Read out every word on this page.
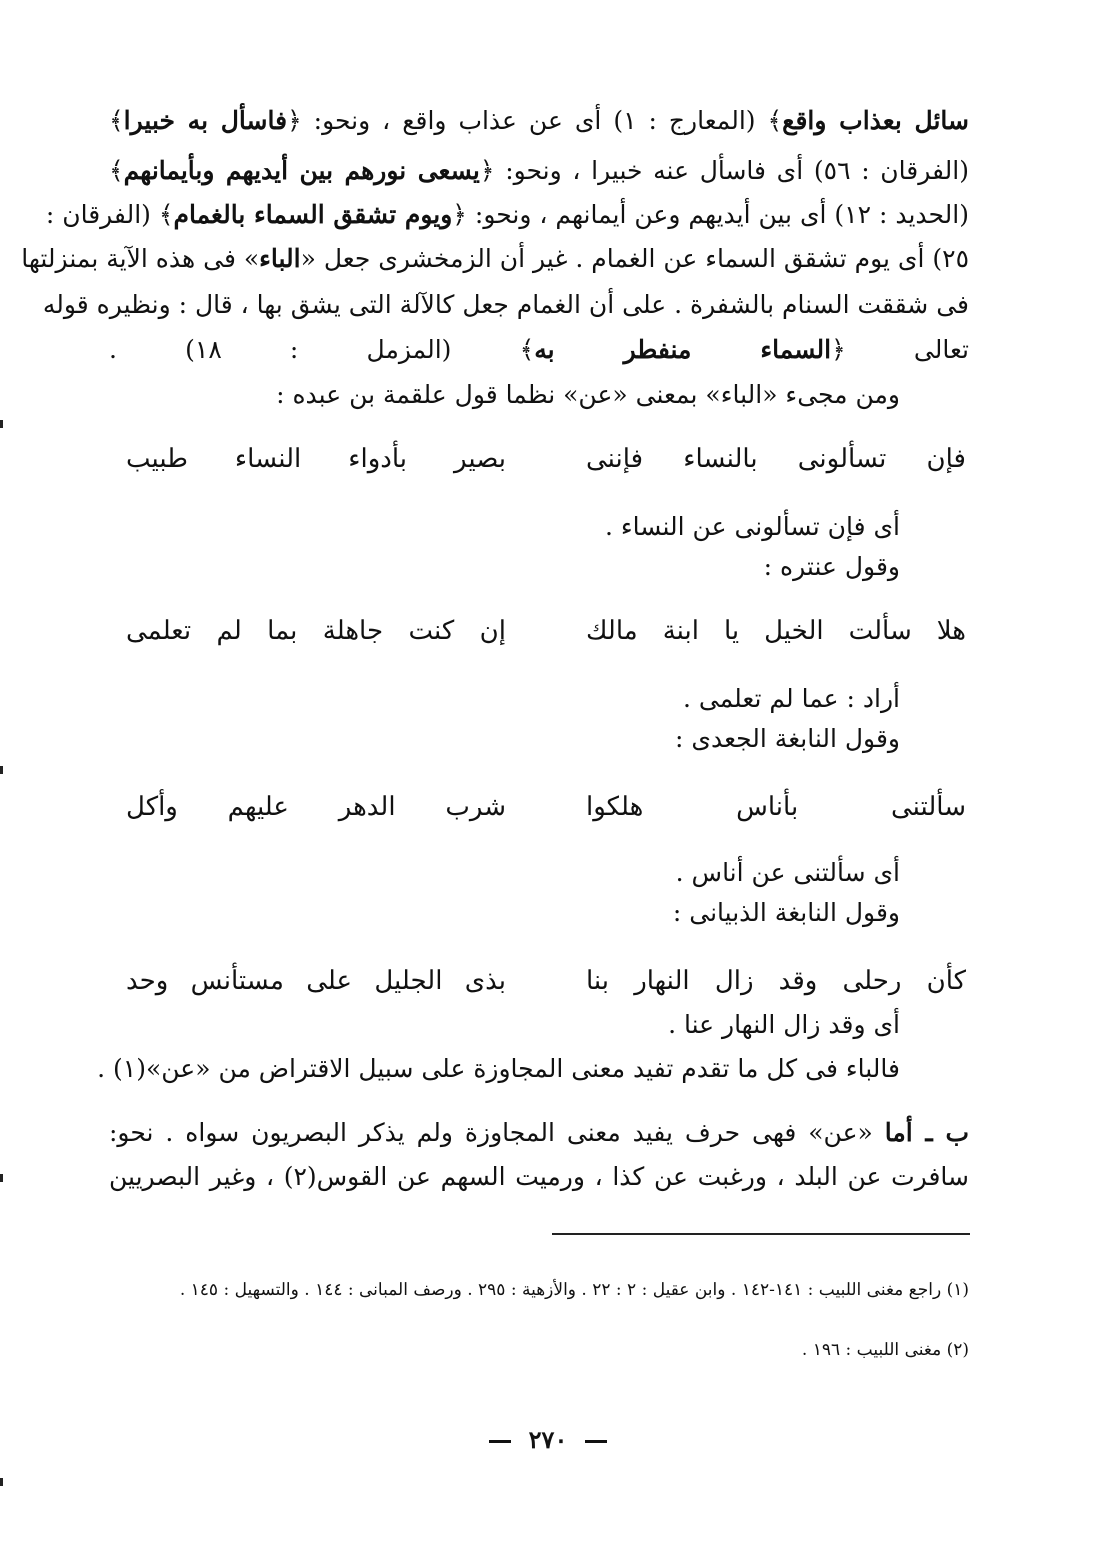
سائل بعذاب واقع﴾ (المعارج : ١) أى عن عذاب واقع ، ونحو: ﴿فاسأل به خبيرا﴾
(الفرقان : ٥٦) أى فاسأل عنه خبيرا ، ونحو: ﴿يسعى نورهم بين أيديهم وبأيمانهم﴾
(الحديد : ١٢) أى بين أيديهم وعن أيمانهم ، ونحو: ﴿ويوم تشقق السماء بالغمام﴾ (الفرقان :
٢٥) أى يوم تشقق السماء عن الغمام . غير أن الزمخشرى جعل «الباء» فى هذه الآية بمنزلتها
فى شققت السنام بالشفرة . على أن الغمام جعل كالآلة التى يشق بها ، قال : ونظيره قوله
تعالى ﴿السماء منفطر به﴾ (المزمل : ١٨) .
ومن مجىء «الباء» بمعنى «عن» نظما قول علقمة بن عبده :
فإن تسألونى بالنساء فإننى
بصير بأدواء النساء طبيب
أى فإن تسألونى عن النساء .
وقول عنتره :
هلا سألت الخيل يا ابنة مالك
إن كنت جاهلة بما لم تعلمى
أراد : عما لم تعلمى .
وقول النابغة الجعدى :
سألتنى بأناس هلكوا
شرب الدهر عليهم وأكل
أى سألتنى عن أناس .
وقول النابغة الذبيانى :
كأن رحلى وقد زال النهار بنا
بذى الجليل على مستأنس وحد
أى وقد زال النهار عنا .
فالباء فى كل ما تقدم تفيد معنى المجاوزة على سبيل الاقتراض من «عن»(١) .
ب ـ أما «عن» فهى حرف يفيد معنى المجاوزة ولم يذكر البصريون سواه . نحو:
سافرت عن البلد ، ورغبت عن كذا ، ورميت السهم عن القوس(٢) ، وغير البصريين
(١) راجع مغنى اللبيب : ١٤١-١٤٢ . وابن عقيل : ٢ : ٢٢ . والأزهية : ٢٩٥ . ورصف المبانى : ١٤٤ . والتسهيل : ١٤٥ .
(٢) مغنى اللبيب : ١٩٦ .
٢٧٠
